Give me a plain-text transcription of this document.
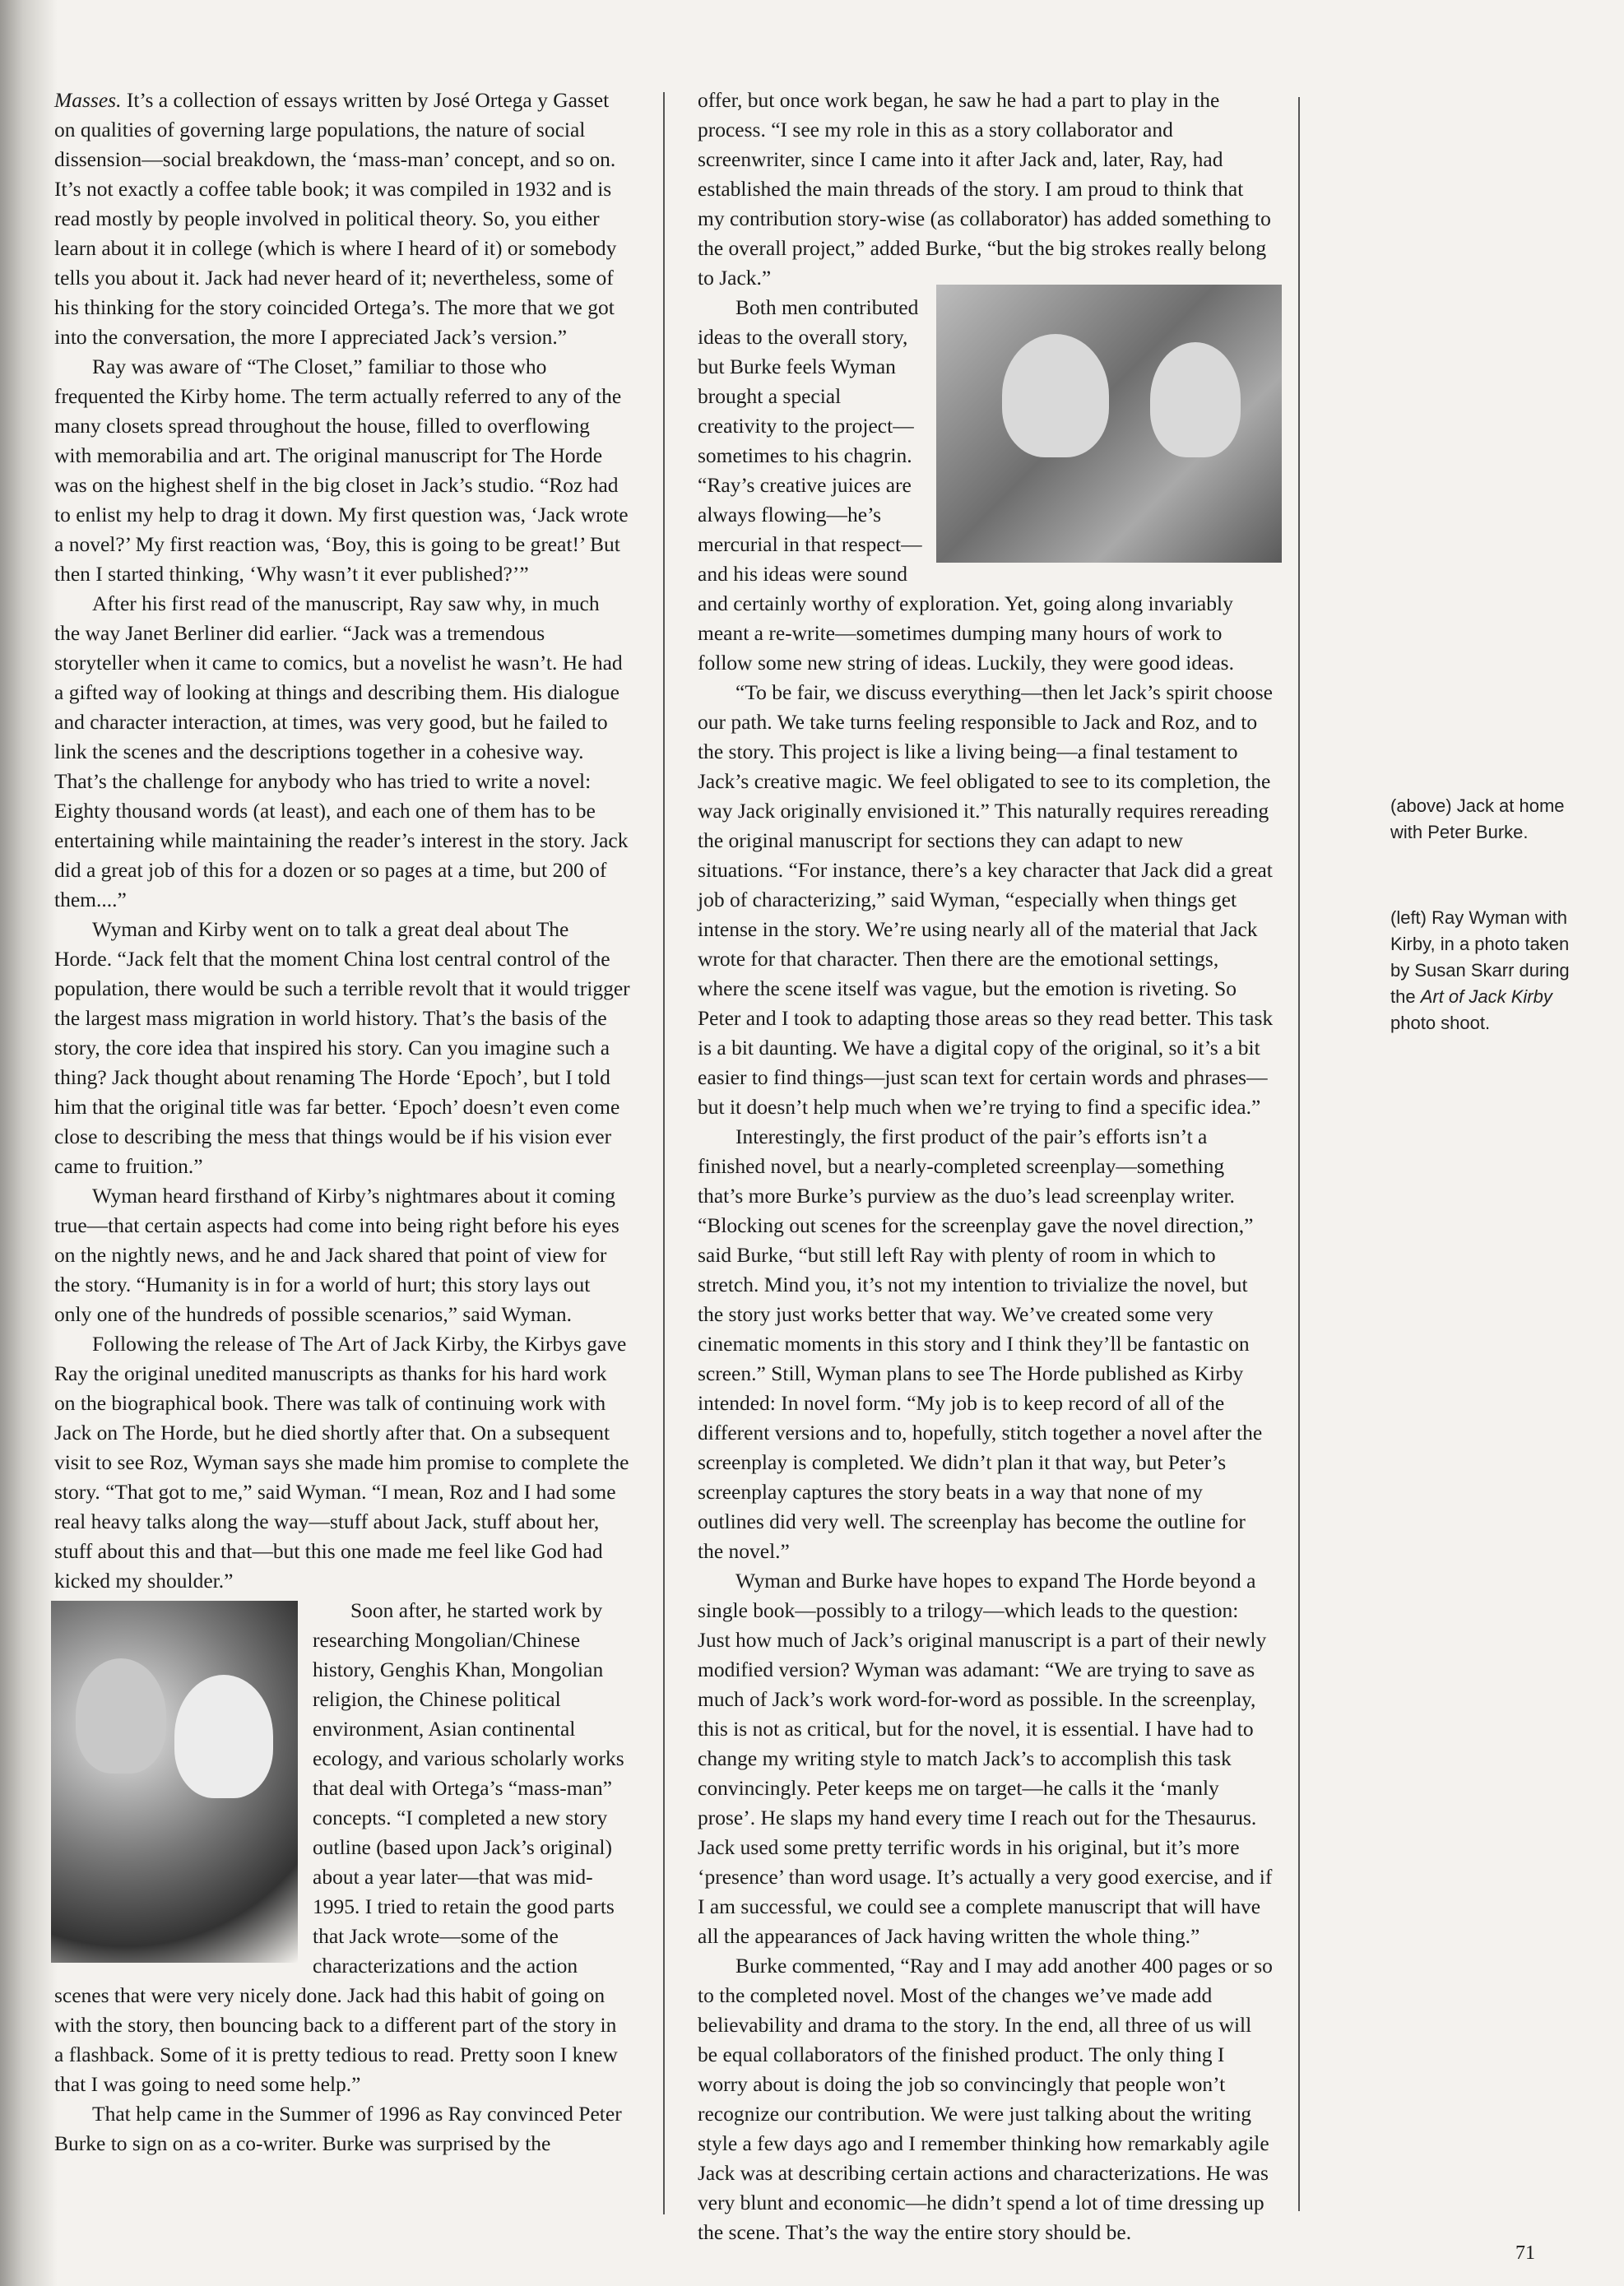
Masses. It’s a collection of essays written by José Ortega y Gasset on qualities of governing large populations, the nature of social dissension—social breakdown, the ‘mass-man’ concept, and so on. It’s not exactly a coffee table book; it was compiled in 1932 and is read mostly by people involved in political theory. So, you either learn about it in college (which is where I heard of it) or somebody tells you about it. Jack had never heard of it; nevertheless, some of his thinking for the story coincided Ortega’s. The more that we got into the conversation, the more I appreciated Jack’s version.”

Ray was aware of “The Closet,” familiar to those who frequented the Kirby home. The term actually referred to any of the many closets spread throughout the house, filled to overflowing with memorabilia and art. The original manuscript for The Horde was on the highest shelf in the big closet in Jack’s studio. “Roz had to enlist my help to drag it down. My first question was, ‘Jack wrote a novel?’ My first reaction was, ‘Boy, this is going to be great!’ But then I started thinking, ‘Why wasn’t it ever published?’”

After his first read of the manuscript, Ray saw why, in much the way Janet Berliner did earlier. “Jack was a tremendous storyteller when it came to comics, but a novelist he wasn’t. He had a gifted way of looking at things and describing them. His dialogue and character interaction, at times, was very good, but he failed to link the scenes and the descriptions together in a cohesive way. That’s the challenge for anybody who has tried to write a novel: Eighty thousand words (at least), and each one of them has to be entertaining while maintaining the reader’s interest in the story. Jack did a great job of this for a dozen or so pages at a time, but 200 of them....”

Wyman and Kirby went on to talk a great deal about The Horde. “Jack felt that the moment China lost central control of the population, there would be such a terrible revolt that it would trigger the largest mass migration in world history. That’s the basis of the story, the core idea that inspired his story. Can you imagine such a thing? Jack thought about renaming The Horde ‘Epoch’, but I told him that the original title was far better. ‘Epoch’ doesn’t even come close to describing the mess that things would be if his vision ever came to fruition.”

Wyman heard firsthand of Kirby’s nightmares about it coming true—that certain aspects had come into being right before his eyes on the nightly news, and he and Jack shared that point of view for the story. “Humanity is in for a world of hurt; this story lays out only one of the hundreds of possible scenarios,” said Wyman.

Following the release of The Art of Jack Kirby, the Kirbys gave Ray the original unedited manuscripts as thanks for his hard work on the biographical book. There was talk of continuing work with Jack on The Horde, but he died shortly after that. On a subsequent visit to see Roz, Wyman says she made him promise to complete the story. “That got to me,” said Wyman. “I mean, Roz and I had some real heavy talks along the way—stuff about Jack, stuff about her, stuff about this and that—but this one made me feel like God had kicked my shoulder.”

Soon after, he started work by researching Mongolian/Chinese history, Genghis Khan, Mongolian religion, the Chinese political environment, Asian continental ecology, and various scholarly works that deal with Ortega’s “mass-man” concepts. “I completed a new story outline (based upon Jack’s original) about a year later—that was mid-1995. I tried to retain the good parts that Jack wrote—some of the characterizations and the action scenes that were very nicely done. Jack had this habit of going on with the story, then bouncing back to a different part of the story in a flashback. Some of it is pretty tedious to read. Pretty soon I knew that I was going to need some help.”

That help came in the Summer of 1996 as Ray convinced Peter Burke to sign on as a co-writer. Burke was surprised by the

offer, but once work began, he saw he had a part to play in the process. “I see my role in this as a story collaborator and screenwriter, since I came into it after Jack and, later, Ray, had established the main threads of the story. I am proud to think that my contribution story-wise (as collaborator) has added something to the overall project,” added Burke, “but the big strokes really belong to Jack.”

Both men contributed ideas to the overall story, but Burke feels Wyman brought a special creativity to the project—sometimes to his chagrin. “Ray’s creative juices are always flowing—he’s mercurial in that respect—and his ideas were sound and certainly worthy of exploration. Yet, going along invariably meant a re-write—sometimes dumping many hours of work to follow some new string of ideas. Luckily, they were good ideas.

“To be fair, we discuss everything—then let Jack’s spirit choose our path. We take turns feeling responsible to Jack and Roz, and to the story. This project is like a living being—a final testament to Jack’s creative magic. We feel obligated to see to its completion, the way Jack originally envisioned it.” This naturally requires rereading the original manuscript for sections they can adapt to new situations. “For instance, there’s a key character that Jack did a great job of characterizing,” said Wyman, “especially when things get intense in the story. We’re using nearly all of the material that Jack wrote for that character. Then there are the emotional settings, where the scene itself was vague, but the emotion is riveting. So Peter and I took to adapting those areas so they read better. This task is a bit daunting. We have a digital copy of the original, so it’s a bit easier to find things—just scan text for certain words and phrases—but it doesn’t help much when we’re trying to find a specific idea.”

Interestingly, the first product of the pair’s efforts isn’t a finished novel, but a nearly-completed screenplay—something that’s more Burke’s purview as the duo’s lead screenplay writer. “Blocking out scenes for the screenplay gave the novel direction,” said Burke, “but still left Ray with plenty of room in which to stretch. Mind you, it’s not my intention to trivialize the novel, but the story just works better that way. We’ve created some very cinematic moments in this story and I think they’ll be fantastic on screen.” Still, Wyman plans to see The Horde published as Kirby intended: In novel form. “My job is to keep record of all of the different versions and to, hopefully, stitch together a novel after the screenplay is completed. We didn’t plan it that way, but Peter’s screenplay captures the story beats in a way that none of my outlines did very well. The screenplay has become the outline for the novel.”

Wyman and Burke have hopes to expand The Horde beyond a single book—possibly to a trilogy—which leads to the question: Just how much of Jack’s original manuscript is a part of their newly modified version? Wyman was adamant: “We are trying to save as much of Jack’s work word-for-word as possible. In the screenplay, this is not as critical, but for the novel, it is essential. I have had to change my writing style to match Jack’s to accomplish this task convincingly. Peter keeps me on target—he calls it the ‘manly prose’. He slaps my hand every time I reach out for the Thesaurus. Jack used some pretty terrific words in his original, but it’s more ‘presence’ than word usage. It’s actually a very good exercise, and if I am successful, we could see a complete manuscript that will have all the appearances of Jack having written the whole thing.”

Burke commented, “Ray and I may add another 400 pages or so to the completed novel. Most of the changes we’ve made add believability and drama to the story. In the end, all three of us will be equal collaborators of the finished product. The only thing I worry about is doing the job so convincingly that people won’t recognize our contribution. We were just talking about the writing style a few days ago and I remember thinking how remarkably agile Jack was at describing certain actions and characterizations. He was very blunt and economic—he didn’t spend a lot of time dressing up the scene. That’s the way the entire story should be.

(above) Jack at home with Peter Burke.
(left) Ray Wyman with Kirby, in a photo taken by Susan Skarr during the Art of Jack Kirby photo shoot.
71
